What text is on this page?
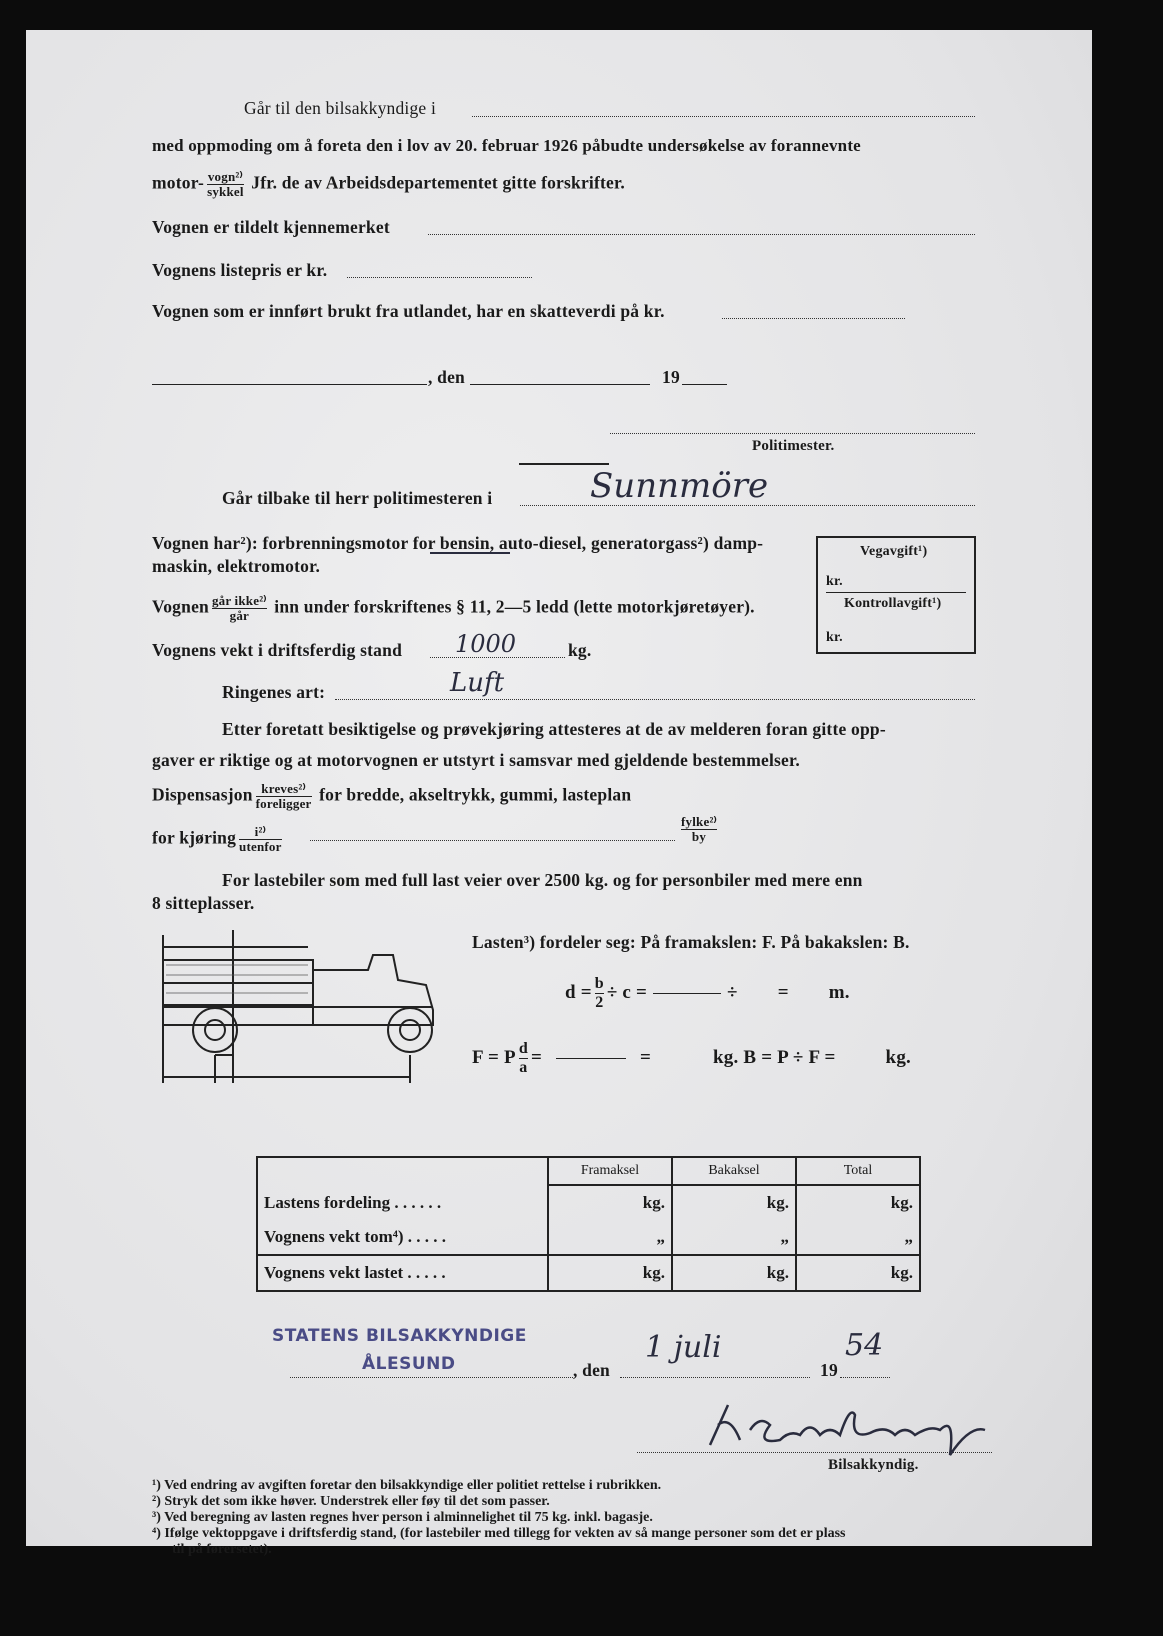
Går til den bilsakkyndige i
med oppmoding om å foreta den i lov av 20. februar 1926 påbudte undersøkelse av forannevnte
motor- $\frac{\text{vogn²⁾}}{\text{sykkel}}$ Jfr. de av Arbeidsdepartementet gitte forskrifter.
Vognen er tildelt kjennemerket
Vognens listepris er kr.
Vognen som er innført brukt fra utlandet, har en skatteverdi på kr.
, den	19
Politimester.
Går tilbake til herr politimesteren i	Sunnmöre
Vognen har²): forbrenningsmotor for bensin, auto-diesel, generatorgass²) damp-
maskin, elektromotor.
Vognen $\frac{\text{går ikke²⁾}}{\text{går}}$ inn under forskriftenes § 11, 2—5 ledd (lette motorkjøretøyer).
Vognens vekt i driftsferdig stand 1000	kg.
Vegavgift¹)
kr.
Kontrollavgift¹)
kr.
Ringenes art:	Luft
Etter foretatt besiktigelse og prøvekjøring attesteres at de av melderen foran gitte opp-
gaver er riktige og at motorvognen er utstyrt i samsvar med gjeldende bestemmelser.
Dispensasjon $\frac{\text{kreves²⁾}}{\text{foreligger}}$ for bredde, akseltrykk, gummi, lasteplan
for kjøring $\frac{\text{i²⁾}}{\text{utenfor}}$	$\frac{\text{fylke²⁾}}{by}$
For lastebiler som med full last veier over 2500 kg. og for personbiler med mere enn
8 sitteplasser.
Lasten³) fordeler seg: På framakslen: F. På bakakslen: B.
$d = \frac{b}{2} \div c$ =	÷ = m.
F = P $\frac{d}{a}$ =	=	kg. B = P ÷ F =	kg.
	Framaksel	Bakaksel	Total
Lastens fordeling . . . . . .	kg.	kg.	kg.
Vognens vekt tom⁴) . . . . .	„	„	„
Vognens vekt lastet . . . . .	kg.	kg.	kg.
STATENS BILSAKKYNDIGE
ÅLESUND	, den
1 juli
19
54
Bilsakkyndig.
¹) Ved endring av avgiften foretar den bilsakkyndige eller politiet rettelse i rubrikken.
²) Stryk det som ikke høver. Understrek eller føy til det som passer.
³) Ved beregning av lasten regnes hver person i alminnelighet til 75 kg. inkl. bagasje.
⁴) Ifølge vektoppgave i driftsferdig stand, (for lastebiler med tillegg for vekten av så mange personer som det er plass
til på førersetet).
